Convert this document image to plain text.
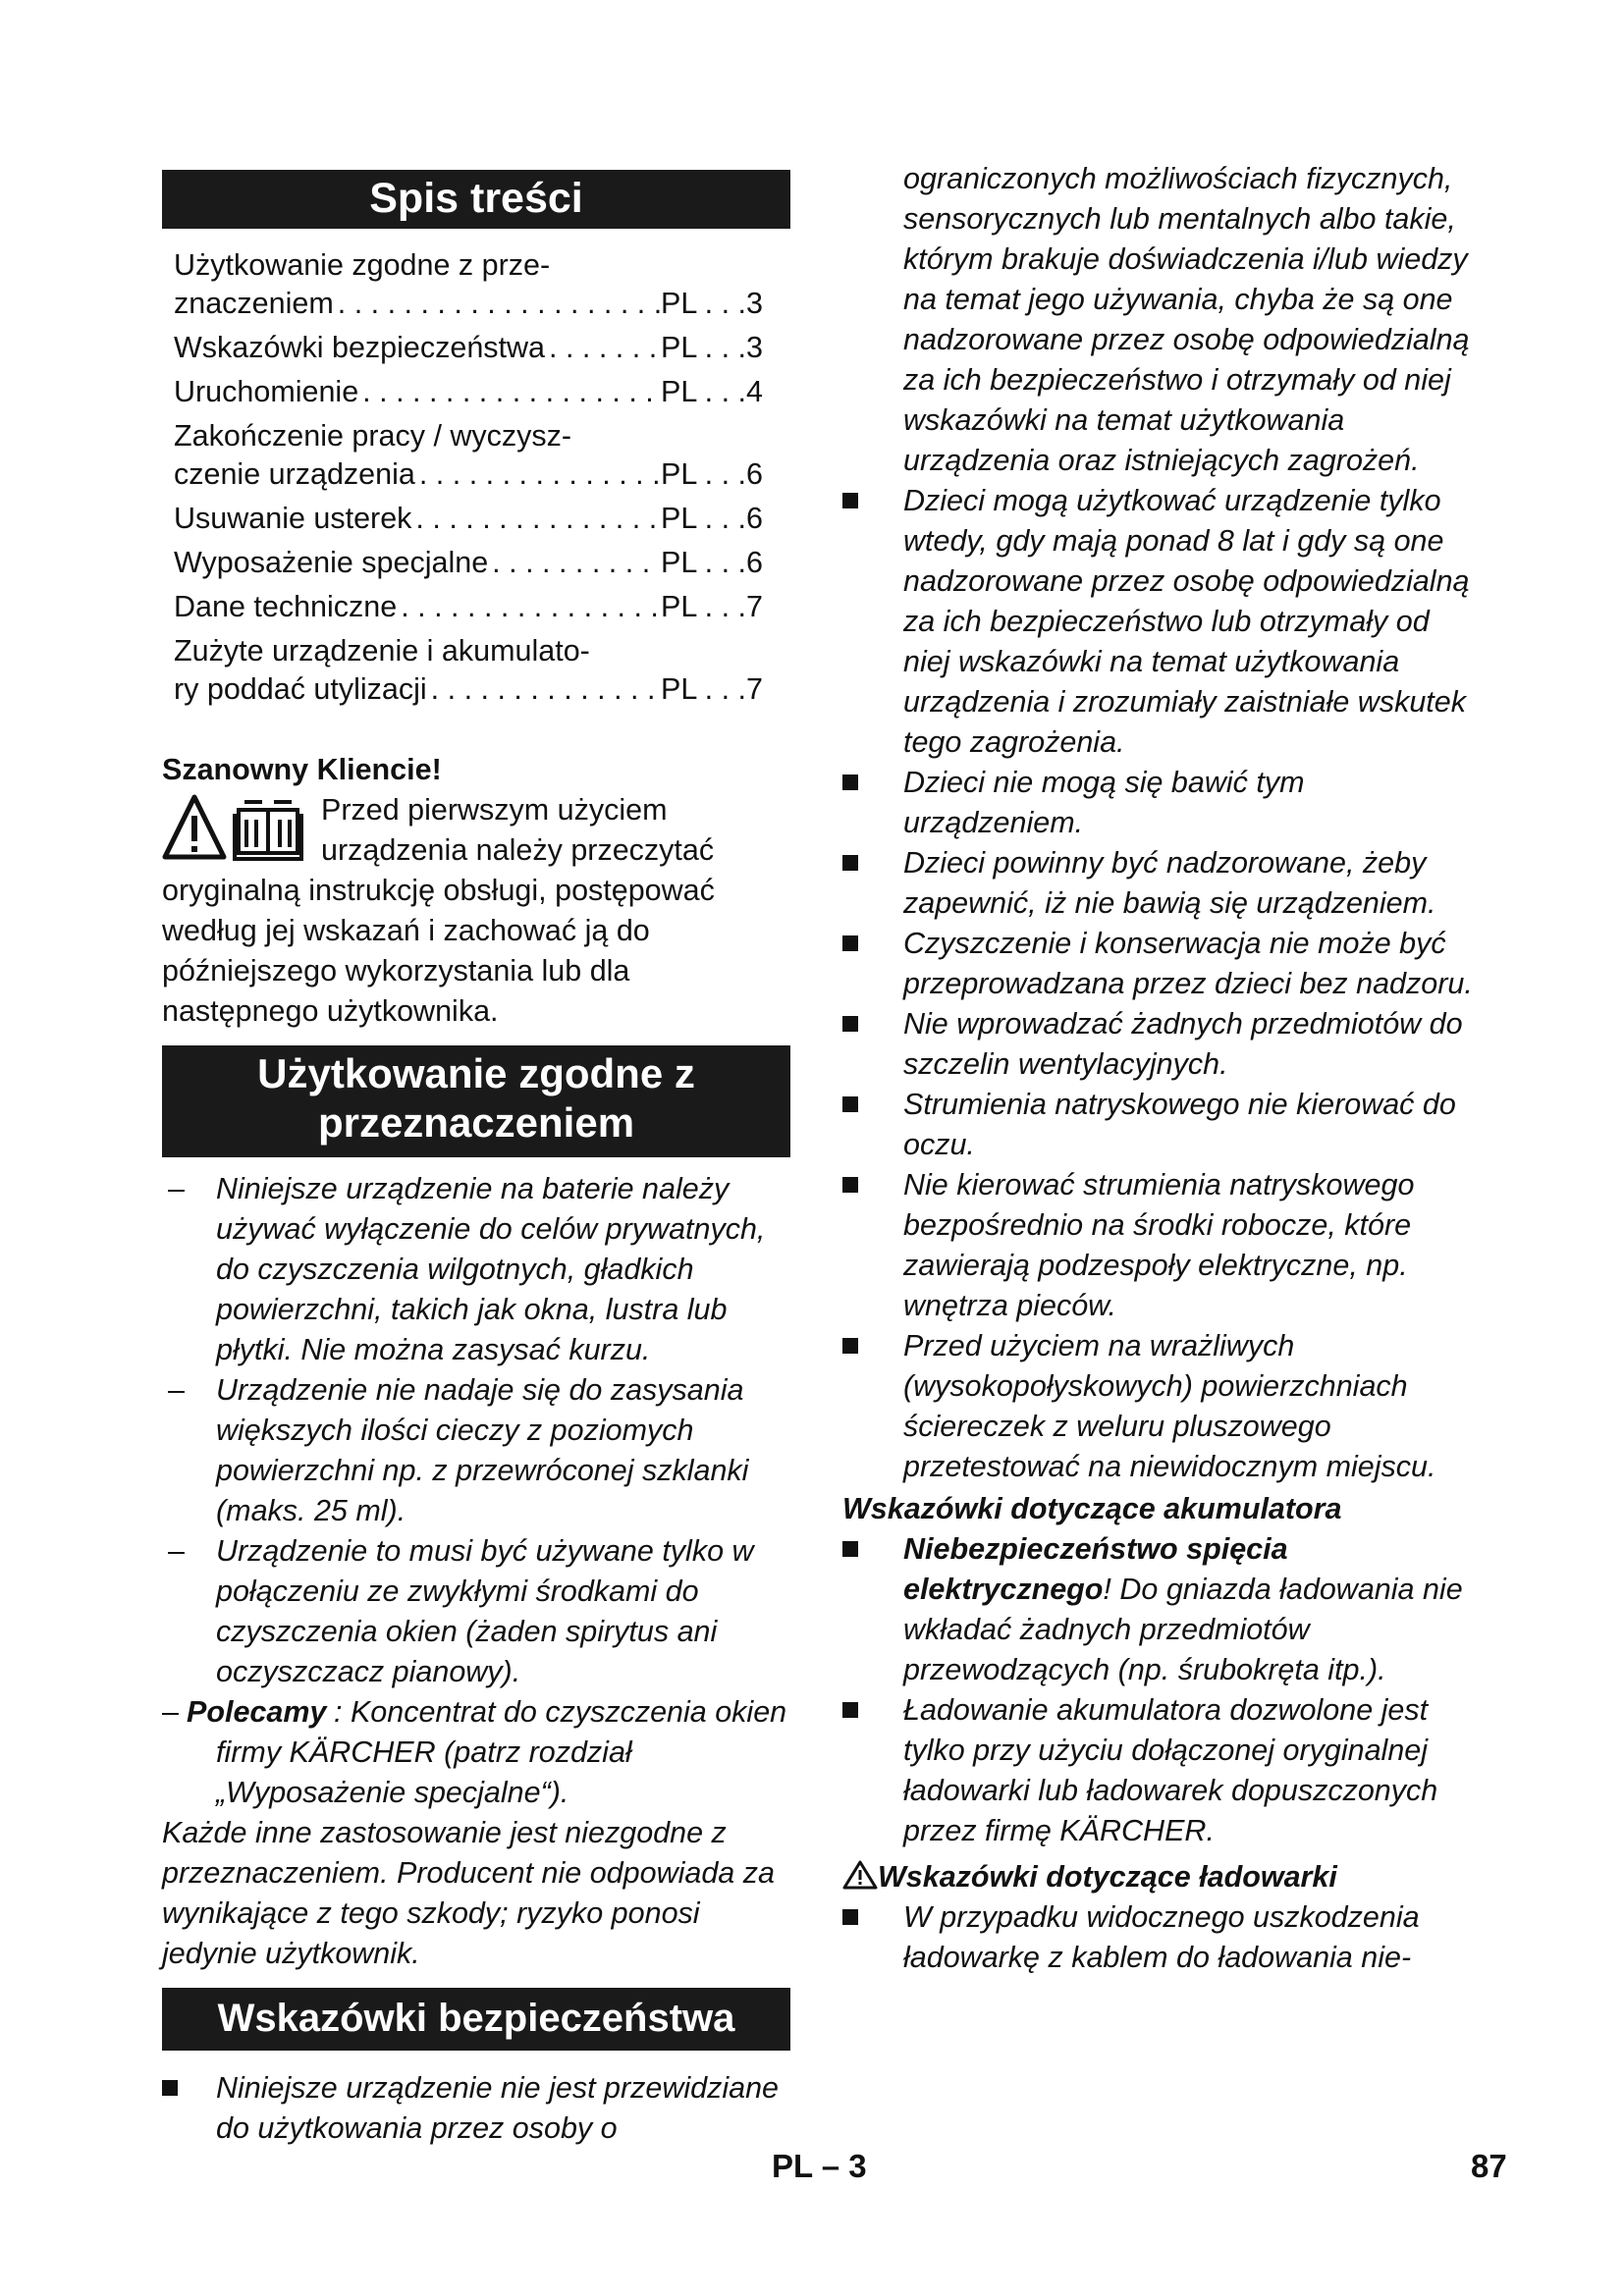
Spis treści
Użytkowanie zgodne z prze-
znaczeniem . . .	PL . . .3
Wskazówki bezpieczeństwa . . .	PL . . .3
Uruchomienie . . .	PL . . .4
Zakończenie pracy / wyczysz-
czenie urządzenia . . .	PL . . .6
Usuwanie usterek . . .	PL . . .6
Wyposażenie specjalne . . .	PL . . .6
Dane techniczne . . .	PL . . .7
Zużyte urządzenie i akumulato-
ry poddać utylizacji . . .	PL . . .7
Szanowny Kliencie!
Przed pierwszym użyciem urządzenia należy przeczytać oryginalną instrukcję obsługi, postępować według jej wskazań i zachować ją do późniejszego wykorzystania lub dla następnego użytkownika.
Użytkowanie zgodne z
przeznaczeniem
– Niniejsze urządzenie na baterie należy używać wyłączenie do celów prywatnych, do czyszczenia wilgotnych, gładkich powierzchni, takich jak okna, lustra lub płytki. Nie można zasysać kurzu.
– Urządzenie nie nadaje się do zasysania większych ilości cieczy z poziomych powierzchni np. z przewróconej szklanki (maks. 25 ml).
– Urządzenie to musi być używane tylko w połączeniu ze zwykłymi środkami do czyszczenia okien (żaden spirytus ani oczyszczacz pianowy).
– Polecamy : Koncentrat do czyszczenia okien firmy KÄRCHER (patrz rozdział „Wyposażenie specjalne“).
Każde inne zastosowanie jest niezgodne z przeznaczeniem. Producent nie odpowiada za wynikające z tego szkody; ryzyko ponosi jedynie użytkownik.
Wskazówki bezpieczeństwa
Niniejsze urządzenie nie jest przewidziane do użytkowania przez osoby o
ograniczonych możliwościach fizycznych, sensorycznych lub mentalnych albo takie, którym brakuje doświadczenia i/lub wiedzy na temat jego używania, chyba że są one nadzorowane przez osobę odpowiedzialną za ich bezpieczeństwo i otrzymały od niej wskazówki na temat użytkowania urządzenia oraz istniejących zagrożeń.
Dzieci mogą użytkować urządzenie tylko wtedy, gdy mają ponad 8 lat i gdy są one nadzorowane przez osobę odpowiedzialną za ich bezpieczeństwo lub otrzymały od niej wskazówki na temat użytkowania urządzenia i zrozumiały zaistniałe wskutek tego zagrożenia.
Dzieci nie mogą się bawić tym urządzeniem.
Dzieci powinny być nadzorowane, żeby zapewnić, iż nie bawią się urządzeniem.
Czyszczenie i konserwacja nie może być przeprowadzana przez dzieci bez nadzoru.
Nie wprowadzać żadnych przedmiotów do szczelin wentylacyjnych.
Strumienia natryskowego nie kierować do oczu.
Nie kierować strumienia natryskowego bezpośrednio na środki robocze, które zawierają podzespoły elektryczne, np. wnętrza pieców.
Przed użyciem na wrażliwych (wysokopołyskowych) powierzchniach ściereczek z weluru pluszowego przetestować na niewidocznym miejscu.
Wskazówki dotyczące akumulatora
Niebezpieczeństwo spięcia elektrycznego! Do gniazda ładowania nie wkładać żadnych przedmiotów przewodzących (np. śrubokręta itp.).
Ładowanie akumulatora dozwolone jest tylko przy użyciu dołączonej oryginalnej ładowarki lub ładowarek dopuszczonych przez firmę KÄRCHER.
Wskazówki dotyczące ładowarki
W przypadku widocznego uszkodzenia ładowarkę z kablem do ładowania nie-
PL – 3	87
